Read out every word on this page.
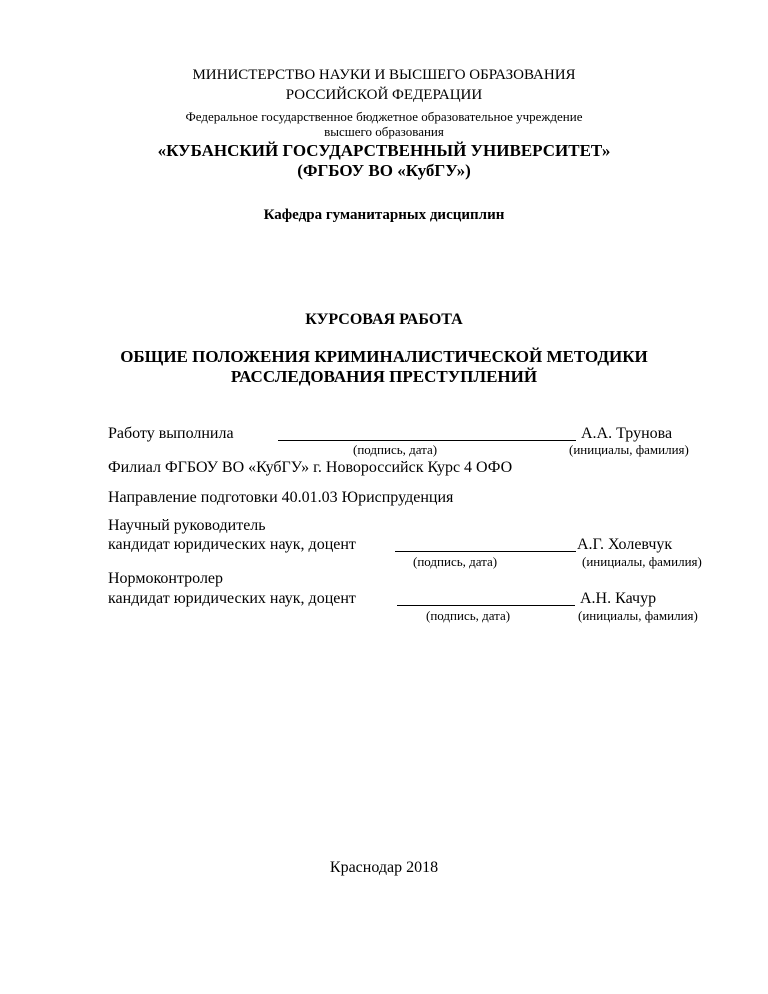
МИНИСТЕРСТВО НАУКИ И ВЫСШЕГО ОБРАЗОВАНИЯ
РОССИЙСКОЙ ФЕДЕРАЦИИ
Федеральное государственное бюджетное образовательное учреждение
высшего образования
«КУБАНСКИЙ ГОСУДАРСТВЕННЫЙ УНИВЕРСИТЕТ»
(ФГБОУ ВО «КубГУ»)
Кафедра гуманитарных дисциплин
КУРСОВАЯ РАБОТА
ОБЩИЕ ПОЛОЖЕНИЯ КРИМИНАЛИСТИЧЕСКОЙ МЕТОДИКИ
РАССЛЕДОВАНИЯ ПРЕСТУПЛЕНИЙ
Работу выполнила	А.А. Трунова
(подпись, дата)	(инициалы, фамилия)
Филиал ФГБОУ ВО «КубГУ» г. Новороссийск Курс 4 ОФО
Направление подготовки 40.01.03 Юриспруденция
Научный руководитель
кандидат юридических наук, доцент	А.Г. Холевчук
(подпись, дата)	(инициалы, фамилия)
Нормоконтролер
кандидат юридических наук, доцент	А.Н. Качур
(подпись, дата)	(инициалы, фамилия)
Краснодар 2018
